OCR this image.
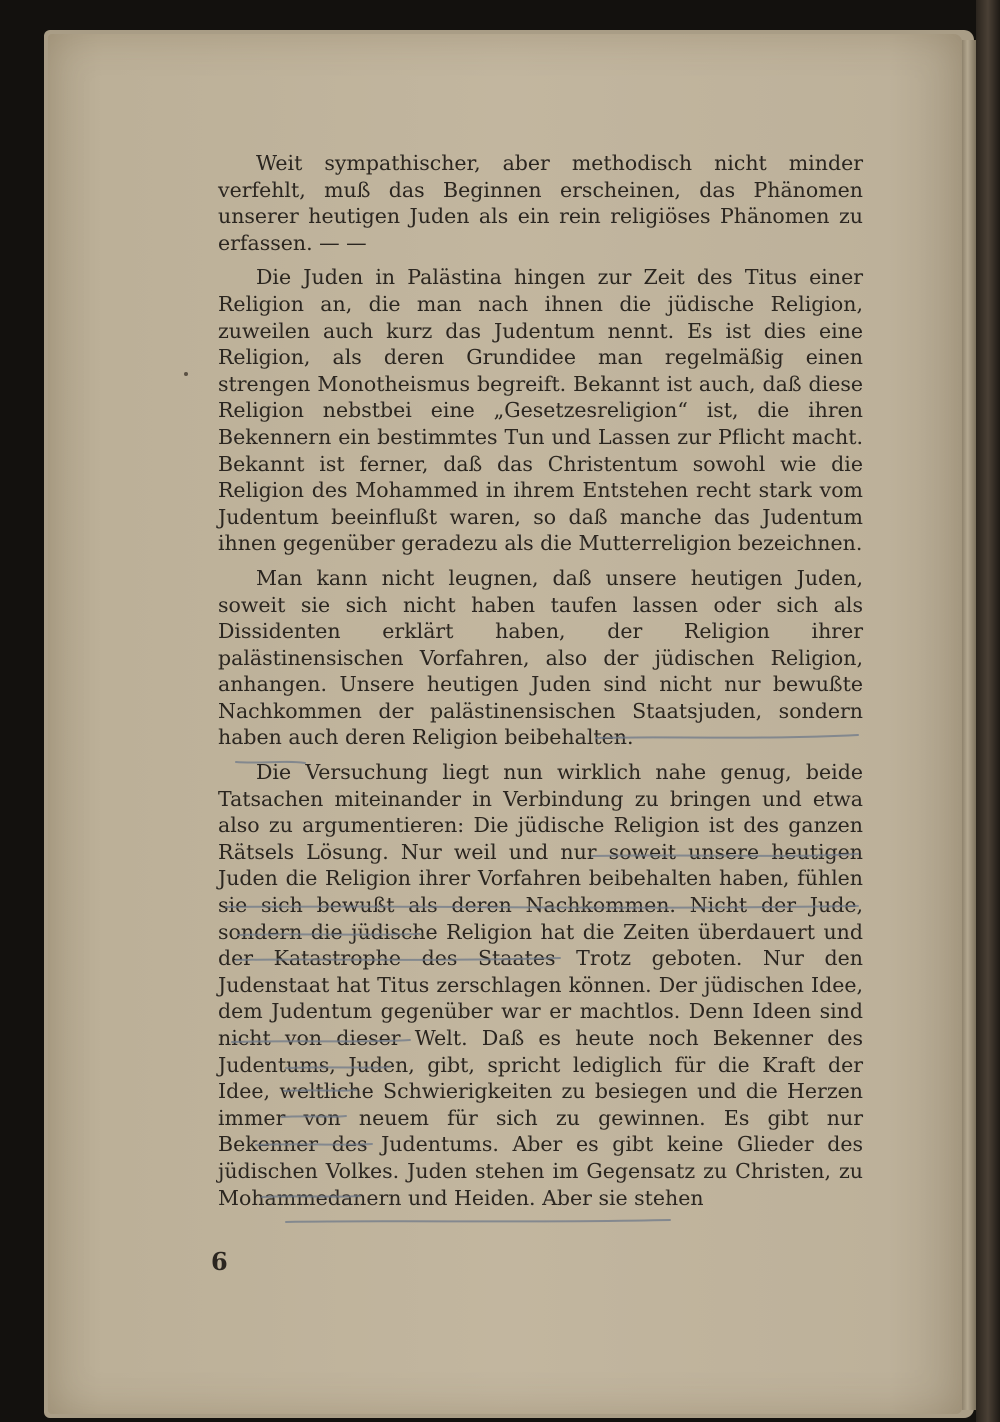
Weit sympathischer, aber methodisch nicht minder verfehlt, muß das Beginnen erscheinen, das Phänomen unserer heutigen Juden als ein rein religiöses Phänomen zu erfassen. — —

Die Juden in Palästina hingen zur Zeit des Titus einer Religion an, die man nach ihnen die jüdische Religion, zuweilen auch kurz das Judentum nennt. Es ist dies eine Religion, als deren Grundidee man regelmäßig einen strengen Monotheismus begreift. Bekannt ist auch, daß diese Religion nebstbei eine „Gesetzesreligion“ ist, die ihren Bekennern ein bestimmtes Tun und Lassen zur Pflicht macht. Bekannt ist ferner, daß das Christentum sowohl wie die Religion des Mohammed in ihrem Entstehen recht stark vom Judentum beeinflußt waren, so daß manche das Judentum ihnen gegenüber geradezu als die Mutterreligion bezeichnen.

Man kann nicht leugnen, daß unsere heutigen Juden, soweit sie sich nicht haben taufen lassen oder sich als Dissidenten erklärt haben, der Religion ihrer palästinensischen Vorfahren, also der jüdischen Religion, anhangen. Unsere heutigen Juden sind nicht nur bewußte Nachkommen der palästinensischen Staatsjuden, sondern haben auch deren Religion beibehalten.

Die Versuchung liegt nun wirklich nahe genug, beide Tatsachen miteinander in Verbindung zu bringen und etwa also zu argumentieren: Die jüdische Religion ist des ganzen Rätsels Lösung. Nur weil und nur soweit unsere heutigen Juden die Religion ihrer Vorfahren beibehalten haben, fühlen sie sich bewußt als deren Nachkommen. Nicht der Jude, sondern die jüdische Religion hat die Zeiten überdauert und der Katastrophe des Staates Trotz geboten. Nur den Judenstaat hat Titus zerschlagen können. Der jüdischen Idee, dem Judentum gegenüber war er machtlos. Denn Ideen sind nicht von dieser Welt. Daß es heute noch Bekenner des Judentums, Juden, gibt, spricht lediglich für die Kraft der Idee, weltliche Schwierigkeiten zu besiegen und die Herzen immer von neuem für sich zu gewinnen. Es gibt nur Bekenner des Judentums. Aber es gibt keine Glieder des jüdischen Volkes. Juden stehen im Gegensatz zu Christen, zu Mohammedanern und Heiden. Aber sie stehen

6
